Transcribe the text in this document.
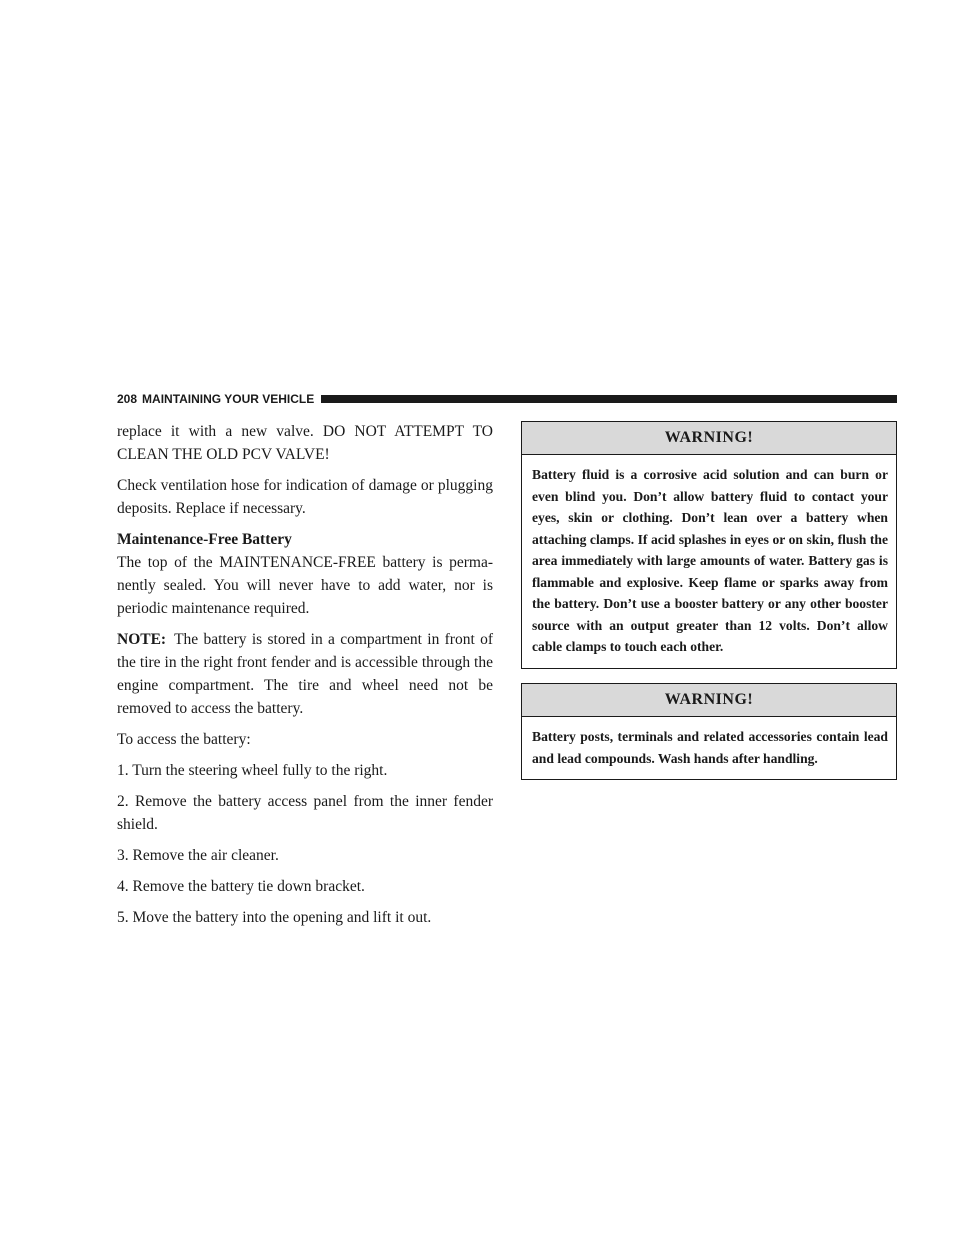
208 MAINTAINING YOUR VEHICLE

replace it with a new valve. DO NOT ATTEMPT TO CLEAN THE OLD PCV VALVE!

Check ventilation hose for indication of damage or plugging deposits. Replace if necessary.

Maintenance-Free Battery

The top of the MAINTENANCE-FREE battery is permanently sealed. You will never have to add water, nor is periodic maintenance required.

NOTE: The battery is stored in a compartment in front of the tire in the right front fender and is accessible through the engine compartment. The tire and wheel need not be removed to access the battery.

To access the battery:

1. Turn the steering wheel fully to the right.

2. Remove the battery access panel from the inner fender shield.

3. Remove the air cleaner.

4. Remove the battery tie down bracket.

5. Move the battery into the opening and lift it out.

WARNING!
Battery fluid is a corrosive acid solution and can burn or even blind you. Don’t allow battery fluid to contact your eyes, skin or clothing. Don’t lean over a battery when attaching clamps. If acid splashes in eyes or on skin, flush the area immediately with large amounts of water. Battery gas is flammable and explosive. Keep flame or sparks away from the battery. Don’t use a booster battery or any other booster source with an output greater than 12 volts. Don’t allow cable clamps to touch each other.
WARNING!
Battery posts, terminals and related accessories contain lead and lead compounds. Wash hands after handling.
